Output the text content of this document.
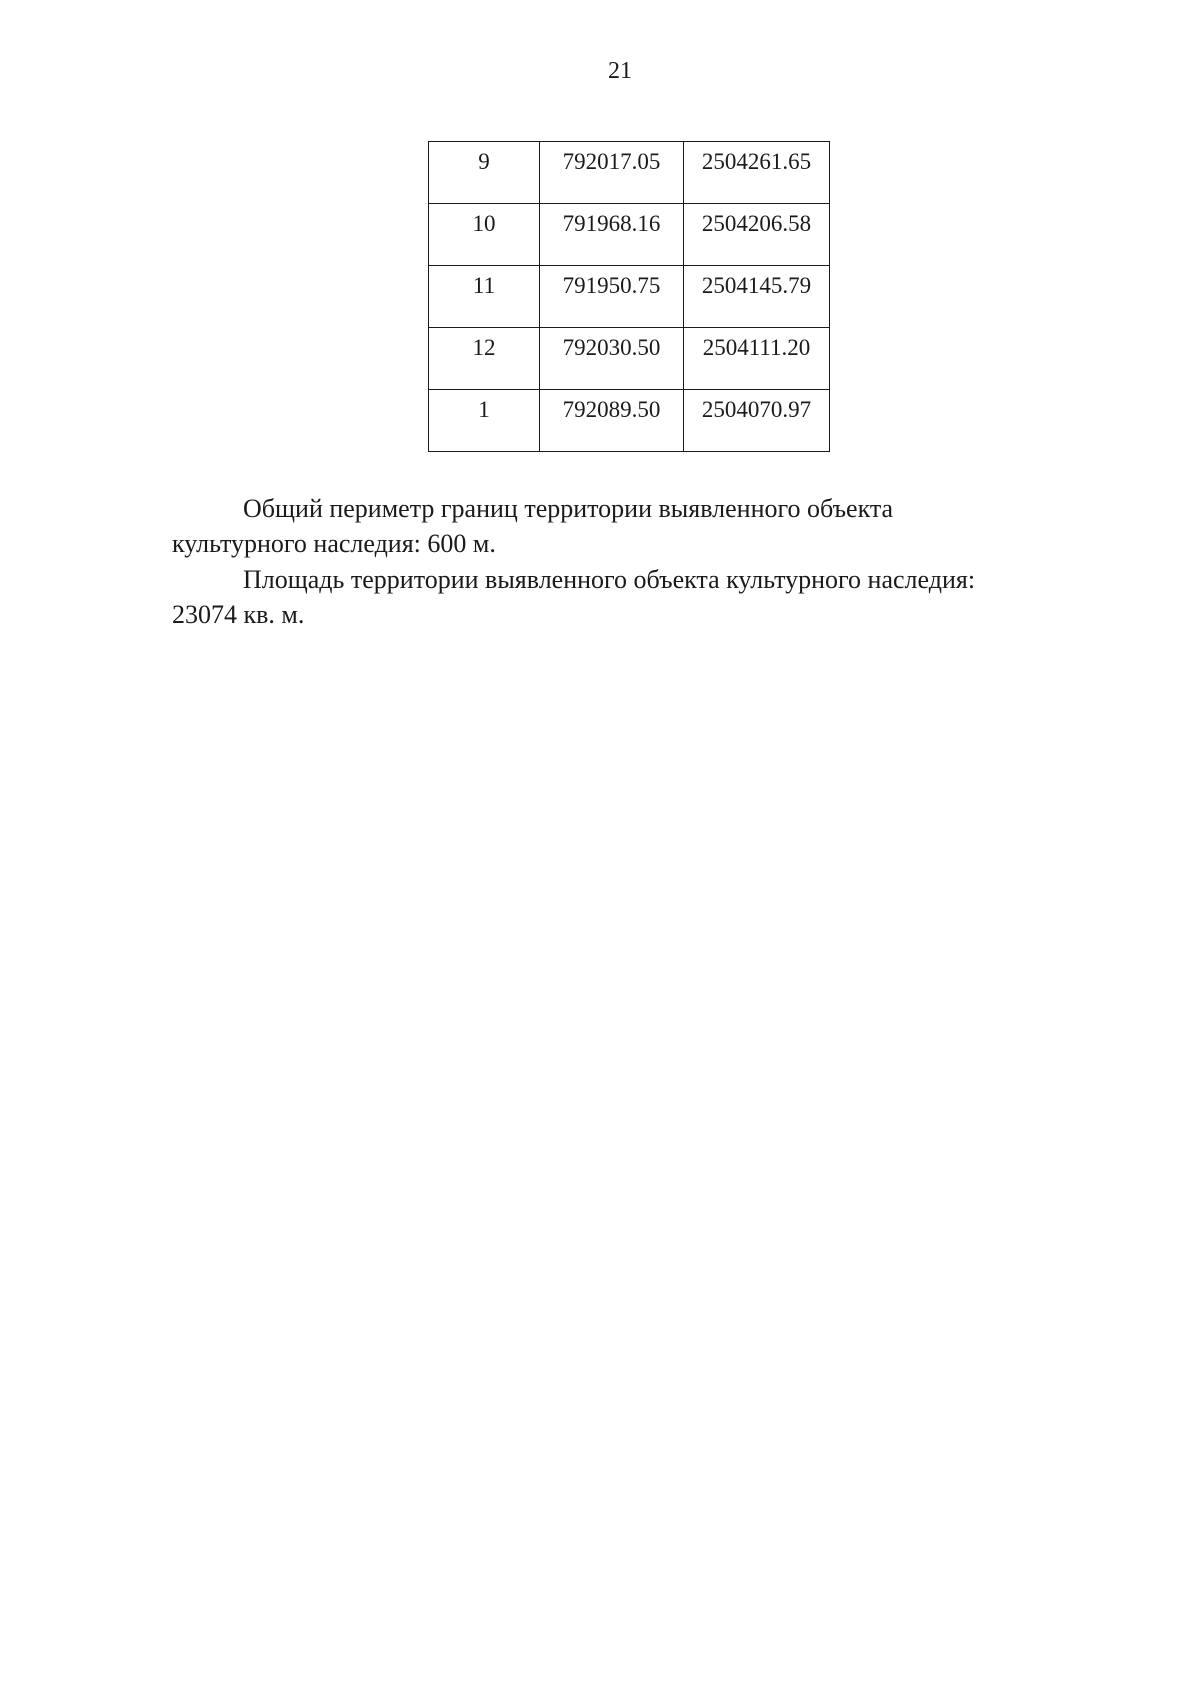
21
9	792017.05	2504261.65

10	791968.16	2504206.58

11	791950.75	2504145.79

12	792030.50	2504111.20

1	792089.50	2504070.97

Общий периметр границ территории выявленного объекта
культурного наследия: 600 м.

Площадь территории выявленного объекта культурного наследия:
23074 кв. м.
